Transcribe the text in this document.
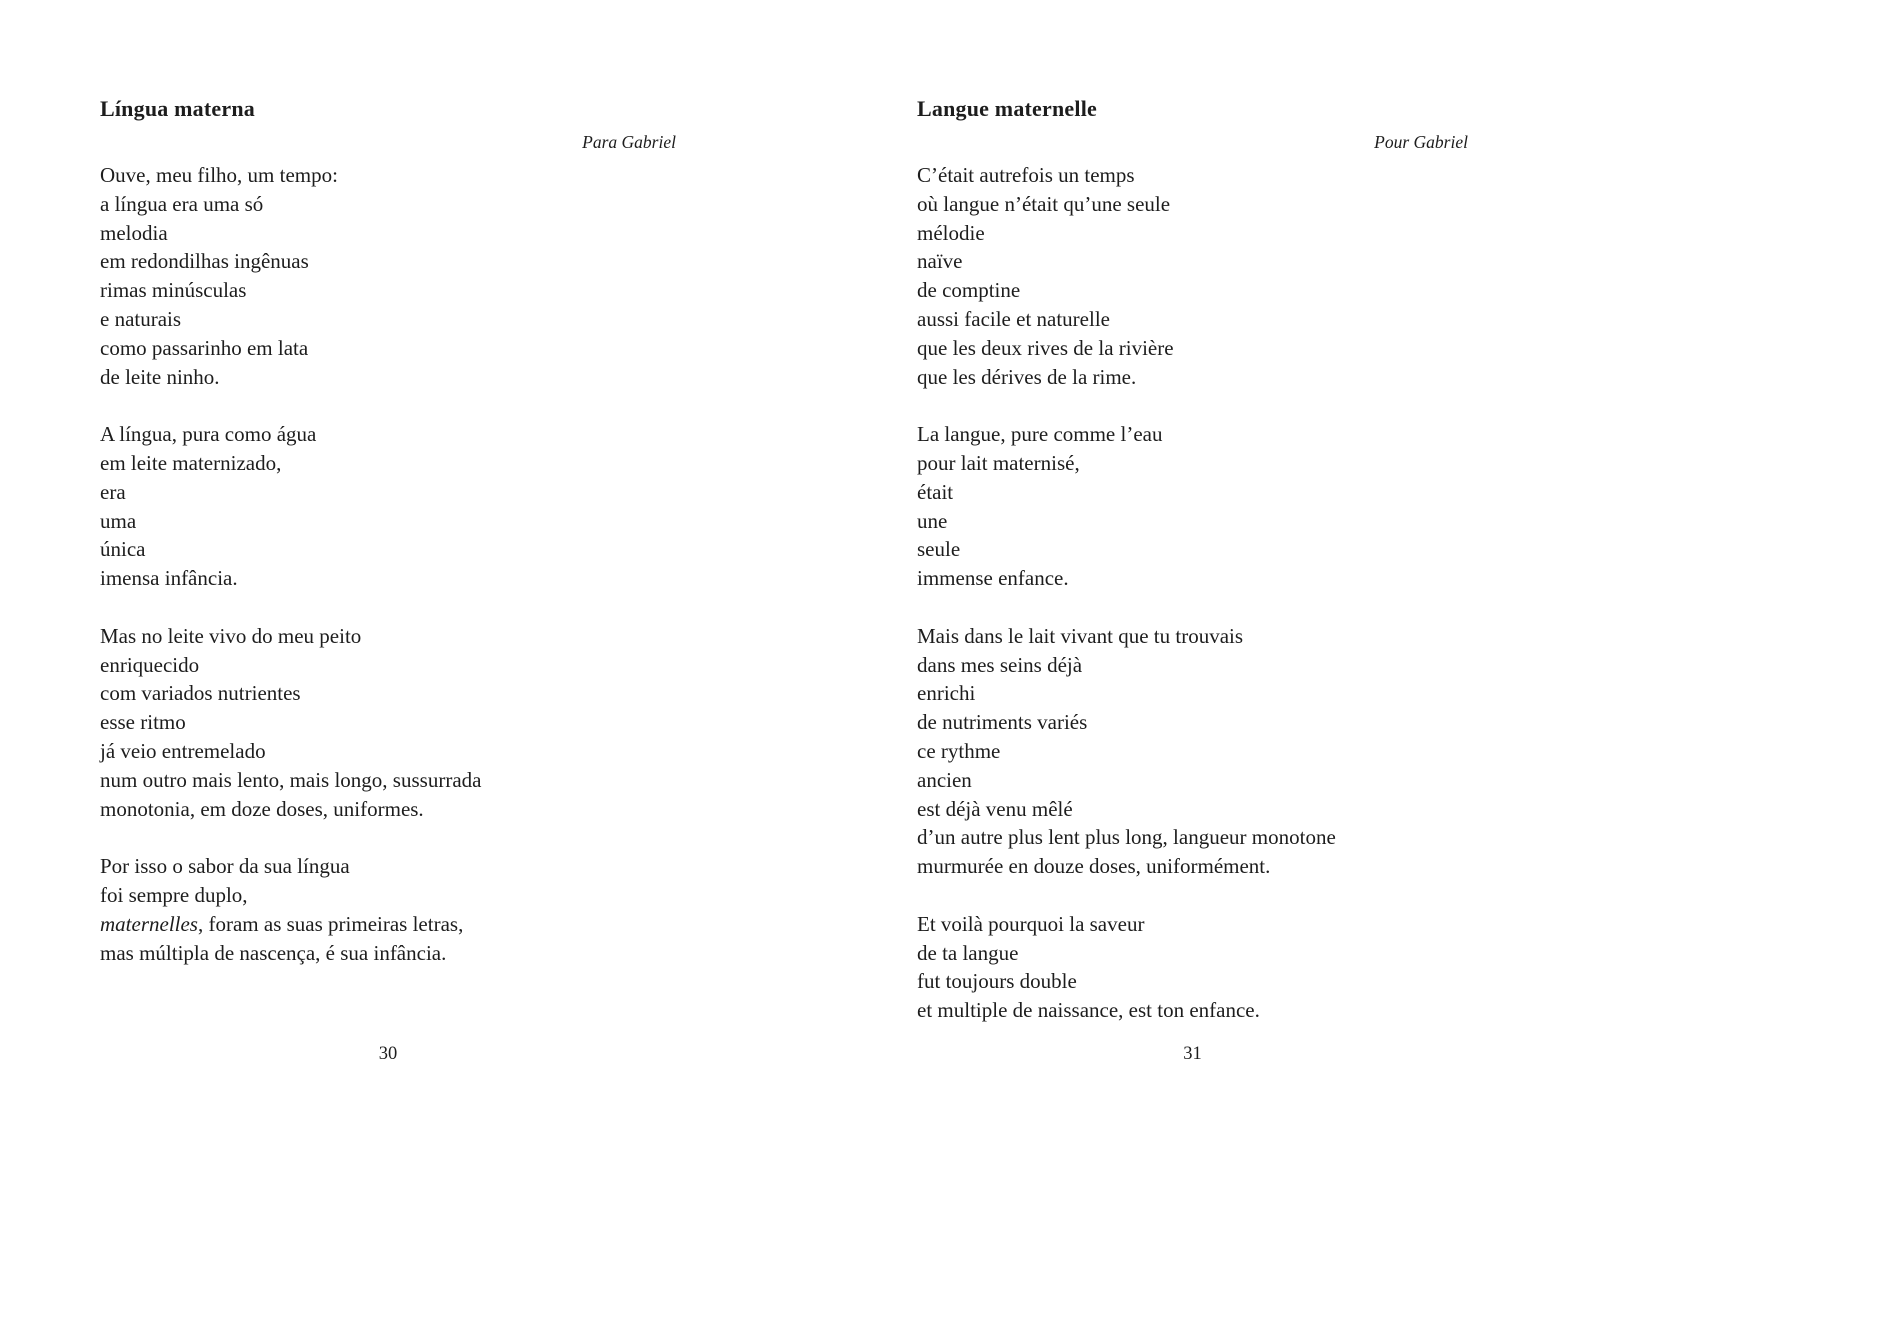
Língua materna
Para Gabriel
Ouve, meu filho, um tempo:
a língua era uma só
melodia
em redondilhas ingênuas
rimas minúsculas
e naturais
como passarinho em lata
de leite ninho.
A língua, pura como água
em leite maternizado,
era
uma
única
imensa infância.
Mas no leite vivo do meu peito
enriquecido
com variados nutrientes
esse ritmo
já veio entremelado
num outro mais lento, mais longo, sussurrada
monotonia, em doze doses, uniformes.
Por isso o sabor da sua língua
foi sempre duplo,
maternelles, foram as suas primeiras letras,
mas múltipla de nascença, é sua infância.
30
Langue maternelle
Pour Gabriel
C’était autrefois un temps
où langue n’était qu’une seule
mélodie
naïve
de comptine
aussi facile et naturelle
que les deux rives de la rivière
que les dérives de la rime.
La langue, pure comme l’eau
pour lait maternisé,
était
une
seule
immense enfance.
Mais dans le lait vivant que tu trouvais
dans mes seins déjà
enrichi
de nutriments variés
ce rythme
ancien
est déjà venu mêlé
d’un autre plus lent plus long, langueur monotone
murmurée en douze doses, uniformément.
Et voilà pourquoi la saveur
de ta langue
fut toujours double
et multiple de naissance, est ton enfance.
31
